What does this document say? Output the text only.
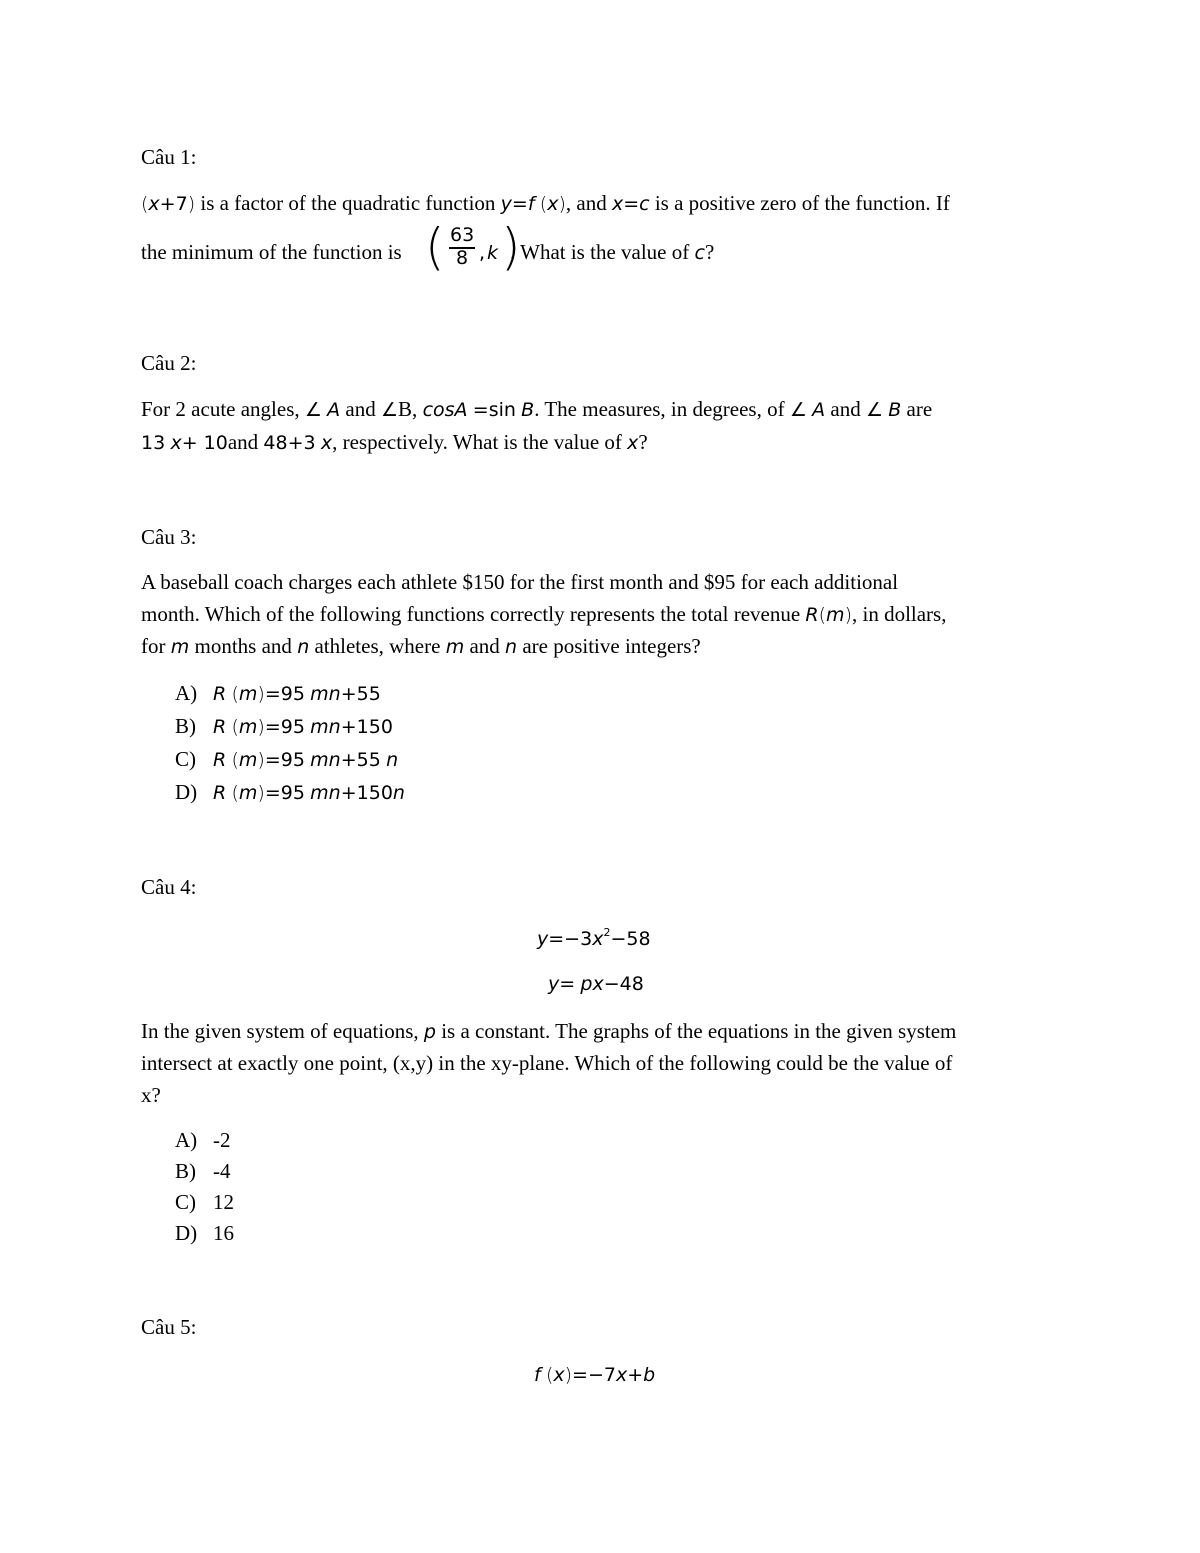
Câu 1:
(x+7) is a factor of the quadratic function y=f (x), and x=c is a positive zero of the function. If
the minimum of the function is ( $\frac{63}{8}$ , k )
. What is the value of c?
Câu 2:
For 2 acute angles, ∠ A and ∠B, cosA =sin B. The measures, in degrees, of ∠ A and ∠ B are
13 x+ 10and 48+3 x, respectively. What is the value of x?
Câu 3:
A baseball coach charges each athlete $150 for the first month and $95 for each additional
month. Which of the following functions correctly represents the total revenue R(m), in dollars,
for m months and n athletes, where m and n are positive integers?
A) R (m)=95 mn+55
B) R (m)=95 mn+150
C) R (m)=95 mn+55 n
D) R (m)=95 mn+150n
Câu 4:
$y=-3x^2-58$
y= px−48
In the given system of equations, p is a constant. The graphs of the equations in the given system
intersect at exactly one point, (x,y) in the xy-plane. Which of the following could be the value of
x?
A) -2
B) -4
C) 12
D) 16
Câu 5:
f (x)=−7x+b
